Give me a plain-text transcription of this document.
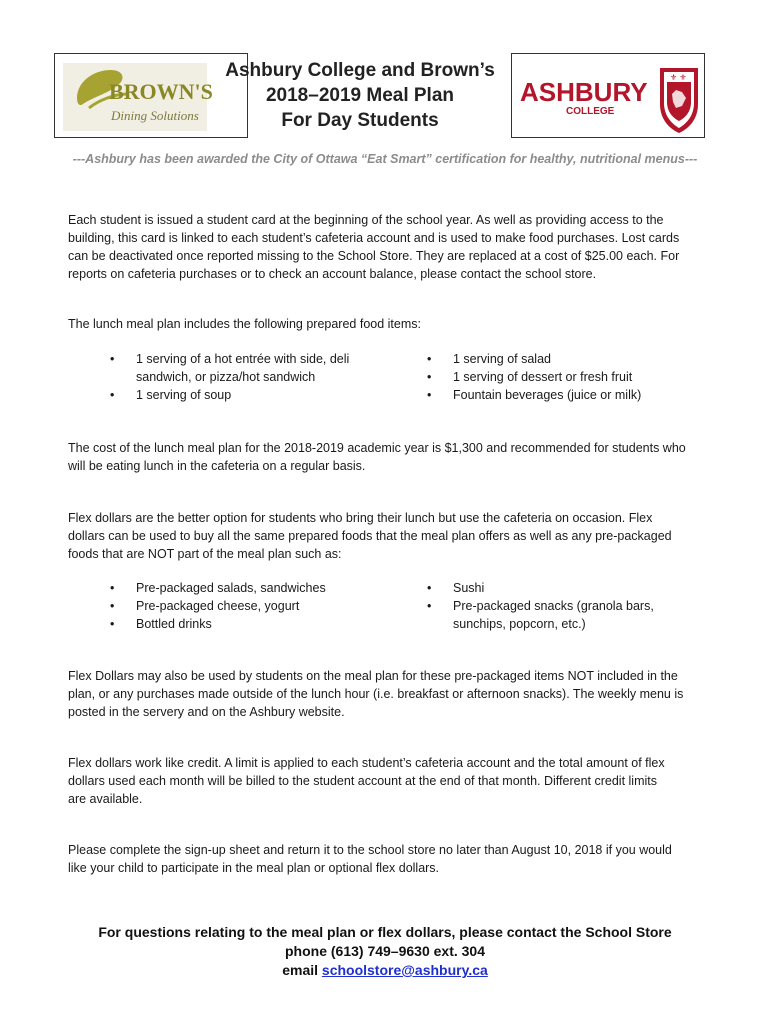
BROWN'S
Dining Solutions
Ashbury College and Brown’s
2018–2019 Meal Plan
For Day Students
ASHBURY
COLLEGE
⚜ ⚜
---Ashbury has been awarded the City of Ottawa “Eat Smart” certification for healthy, nutritional menus---
Each student is issued a student card at the beginning of the school year. As well as providing access to the
building, this card is linked to each student’s cafeteria account and is used to make food purchases. Lost cards
can be deactivated once reported missing to the School Store. They are replaced at a cost of $25.00 each. For
reports on cafeteria purchases or to check an account balance, please contact the school store.
The lunch meal plan includes the following prepared food items:
• 1 serving of a hot entrée with side, deli
sandwich, or pizza/hot sandwich
• 1 serving of soup
• 1 serving of salad
• 1 serving of dessert or fresh fruit
• Fountain beverages (juice or milk)
The cost of the lunch meal plan for the 2018-2019 academic year is $1,300 and recommended for students who
will be eating lunch in the cafeteria on a regular basis.
Flex dollars are the better option for students who bring their lunch but use the cafeteria on occasion. Flex
dollars can be used to buy all the same prepared foods that the meal plan offers as well as any pre-packaged
foods that are NOT part of the meal plan such as:
• Pre-packaged salads, sandwiches
• Pre-packaged cheese, yogurt
• Bottled drinks
• Sushi
• Pre-packaged snacks (granola bars,
sunchips, popcorn, etc.)
Flex Dollars may also be used by students on the meal plan for these pre-packaged items NOT included in the
plan, or any purchases made outside of the lunch hour (i.e. breakfast or afternoon snacks). The weekly menu is
posted in the servery and on the Ashbury website.
Flex dollars work like credit. A limit is applied to each student’s cafeteria account and the total amount of flex
dollars used each month will be billed to the student account at the end of that month. Different credit limits
are available.
Please complete the sign-up sheet and return it to the school store no later than August 10, 2018 if you would
like your child to participate in the meal plan or optional flex dollars.
For questions relating to the meal plan or flex dollars, please contact the School Store
phone (613) 749–9630 ext. 304
email schoolstore@ashbury.ca
